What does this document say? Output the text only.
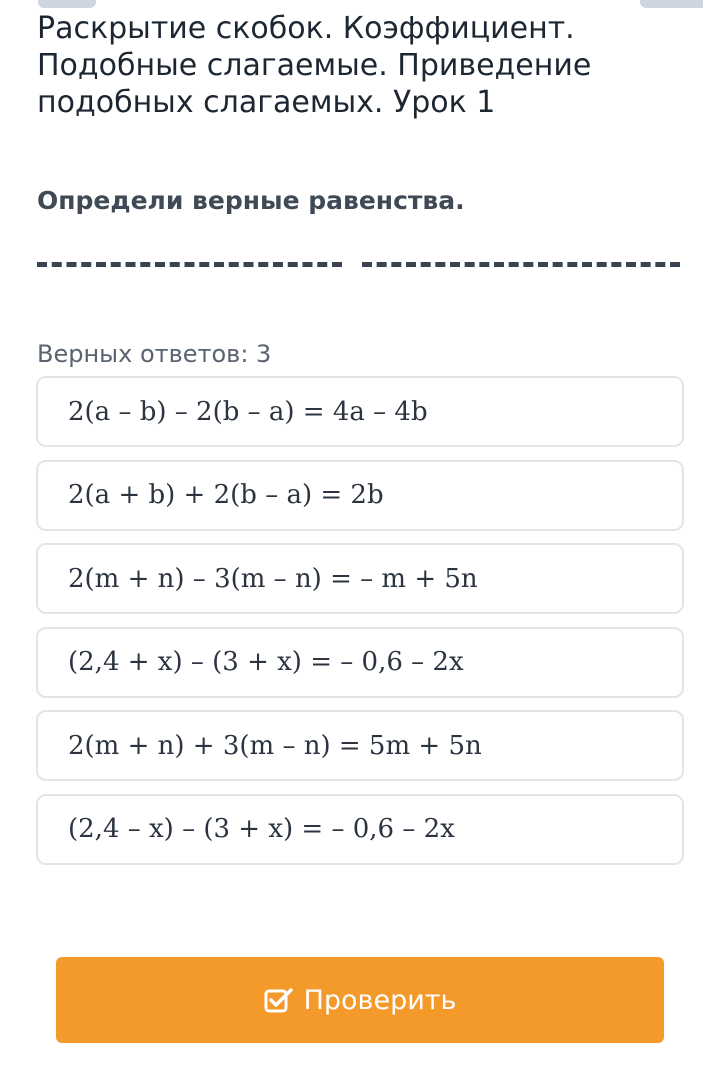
Раскрытие скобок. Коэффициент. Подобные слагаемые. Приведение подобных слагаемых. Урок 1
Определи верные равенства.
Верных ответов: 3
2(a – b) – 2(b – a) = 4a – 4b
2(a + b) + 2(b – a) = 2b
2(m + n) – 3(m – n) = – m + 5n
(2,4 + x) – (3 + x) = – 0,6 – 2x
2(m + n) + 3(m – n) = 5m + 5n
(2,4 – x) – (3 + x) = – 0,6 – 2x
Проверить
